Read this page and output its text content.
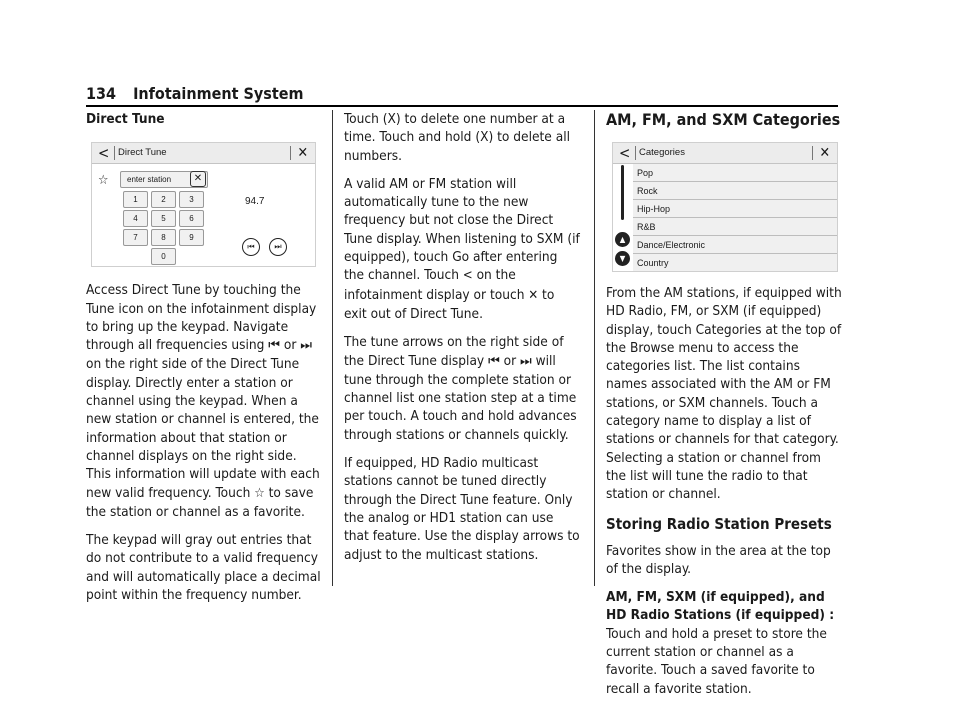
134 Infotainment System
Direct Tune
< Direct Tune	✕
☆	enter station	✕
1	2	3
4	5	6
7	8	9
0
94.7
⏮	⏭

Access Direct Tune by touching the Tune icon on the infotainment display to bring up the keypad. Navigate through all frequencies using ⏮ or ⏭ on the right side of the Direct Tune display. Directly enter a station or channel using the keypad. When a new station or channel is entered, the information about that station or channel displays on the right side. This information will update with each new valid frequency. Touch ☆ to save the station or channel as a favorite.

The keypad will gray out entries that do not contribute to a valid frequency and will automatically place a decimal point within the frequency number.

Touch (X) to delete one number at a time. Touch and hold (X) to delete all numbers.

A valid AM or FM station will automatically tune to the new frequency but not close the Direct Tune display. When listening to SXM (if equipped), touch Go after entering the channel. Touch < on the infotainment display or touch ✕ to exit out of Direct Tune.

The tune arrows on the right side of the Direct Tune display ⏮ or ⏭ will tune through the complete station or channel list one station step at a time per touch. A touch and hold advances through stations or channels quickly.

If equipped, HD Radio multicast stations cannot be tuned directly through the Direct Tune feature. Only the analog or HD1 station can use that feature. Use the display arrows to adjust to the multicast stations.

AM, FM, and SXM Categories
< Categories	✕
▲
▼
Pop
Rock
Hip-Hop
R&B
Dance/Electronic
Country

From the AM stations, if equipped with HD Radio, FM, or SXM (if equipped) display, touch Categories at the top of the Browse menu to access the categories list. The list contains names associated with the AM or FM stations, or SXM channels. Touch a category name to display a list of stations or channels for that category. Selecting a station or channel from the list will tune the radio to that station or channel.

Storing Radio Station Presets

Favorites show in the area at the top of the display.

AM, FM, SXM (if equipped), and HD Radio Stations (if equipped) : Touch and hold a preset to store the current station or channel as a favorite. Touch a saved favorite to recall a favorite station.
